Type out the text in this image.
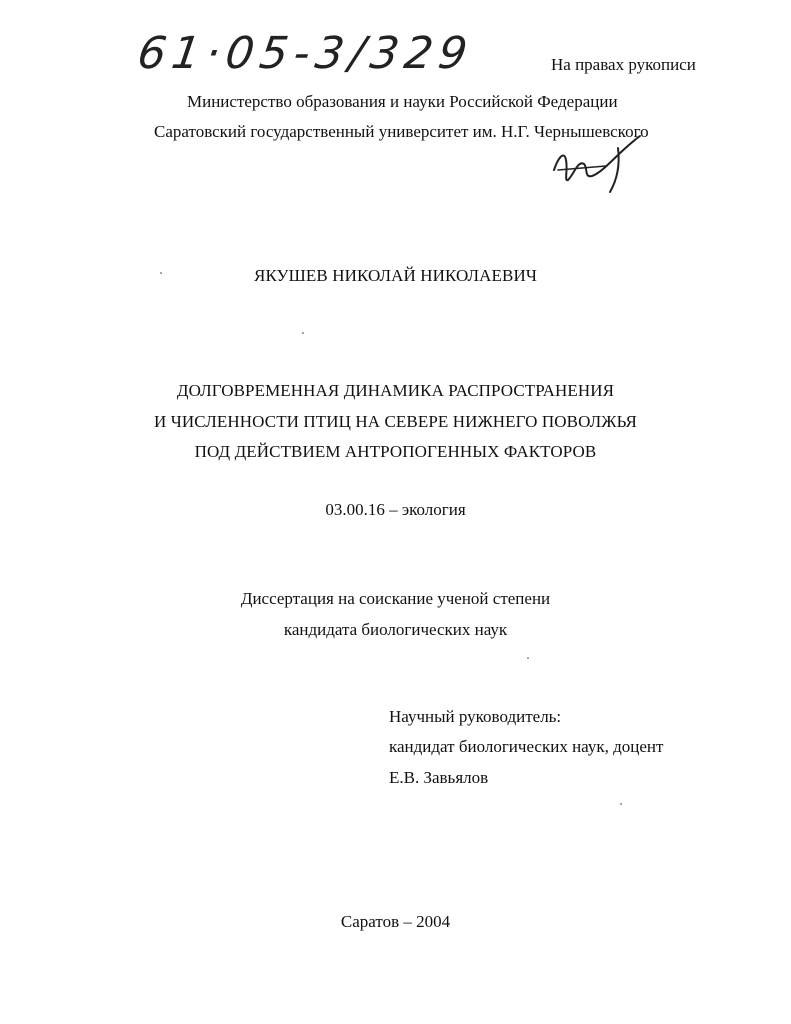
61·05-3/329	На правах рукописи
Министерство образования и науки Российской Федерации
Саратовский государственный университет им. Н.Г. Чернышевского
ЯКУШЕВ НИКОЛАЙ НИКОЛАЕВИЧ
ДОЛГОВРЕМЕННАЯ ДИНАМИКА РАСПРОСТРАНЕНИЯ
И ЧИСЛЕННОСТИ ПТИЦ НА СЕВЕРЕ НИЖНЕГО ПОВОЛЖЬЯ
ПОД ДЕЙСТВИЕМ АНТРОПОГЕННЫХ ФАКТОРОВ
03.00.16 – экология
Диссертация на соискание ученой степени
кандидата биологических наук
Научный руководитель:
кандидат биологических наук, доцент
Е.В. Завьялов
Саратов – 2004
